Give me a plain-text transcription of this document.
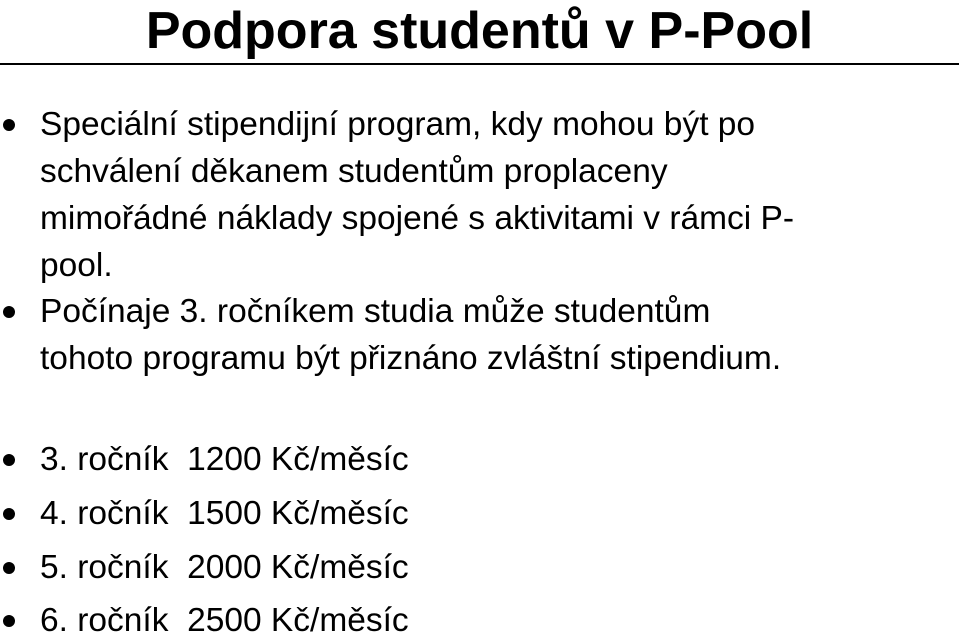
Podpora studentů v P-Pool
Speciální stipendijní program, kdy mohou být po
schválení děkanem studentům proplaceny
mimořádné náklady spojené s aktivitami v rámci P-
pool.
Počínaje 3. ročníkem studia může studentům
tohoto programu být přiznáno zvláštní stipendium.
3. ročník  1200 Kč/měsíc
4. ročník  1500 Kč/měsíc
5. ročník  2000 Kč/měsíc
6. ročník  2500 Kč/měsíc
